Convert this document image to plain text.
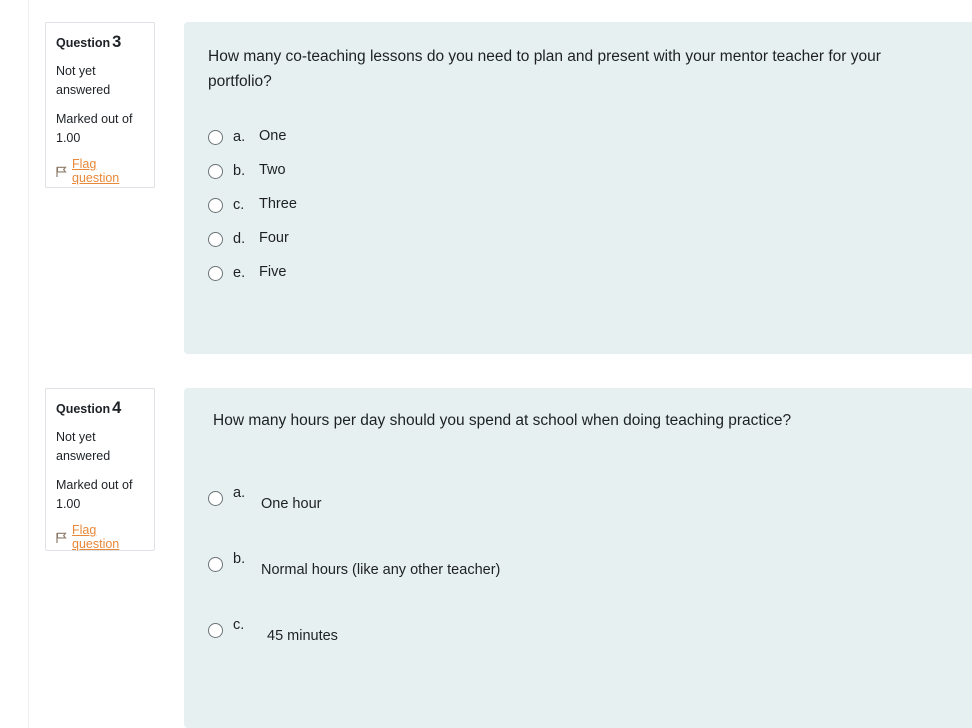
Question 3
Not yet answered
Marked out of 1.00
Flag question
How many co-teaching lessons do you need to plan and present with your mentor teacher for your portfolio?
a. One
b. Two
c.	Three
d. Four
e. Five
Question 4
Not yet answered
Marked out of 1.00
Flag question
How many hours per day should you spend at school when doing teaching practice?
a.
One hour
b.
Normal hours (like any other teacher)
c.
45 minutes
